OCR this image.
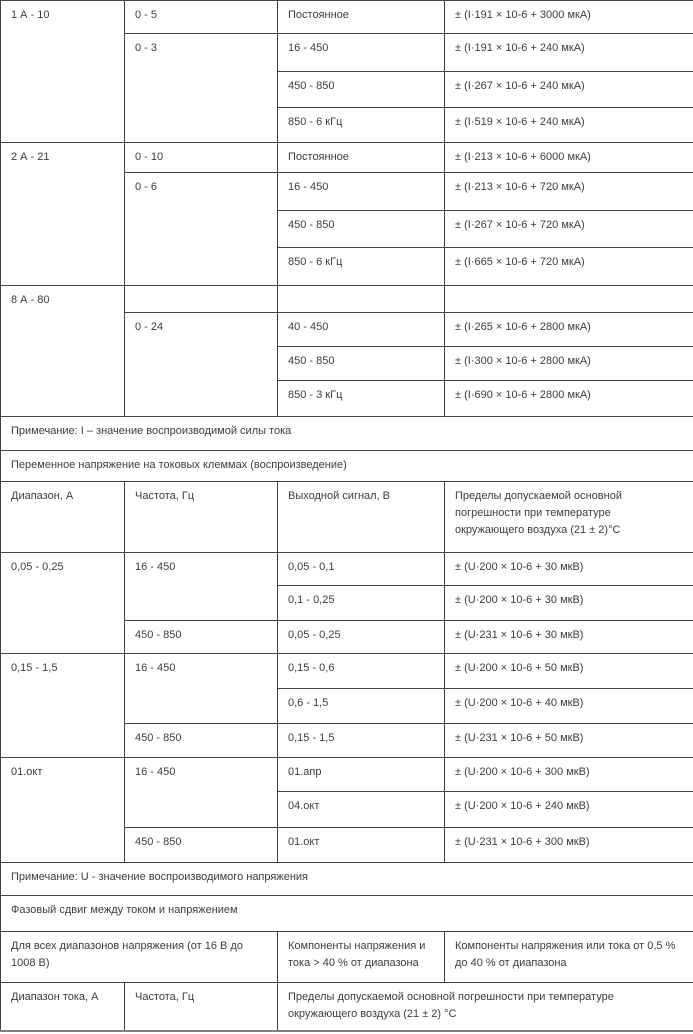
1 А - 10	0 - 5	Постоянное	± (I·191 × 10-6 + 3000 мкА)
	0 - 3	16 - 450	± (I·191 × 10-6 + 240 мкА)
		450 - 850	± (I·267 × 10-6 + 240 мкА)
		850 - 6 кГц	± (I·519 × 10-6 + 240 мкА)
2 А - 21	0 - 10	Постоянное	± (I·213 × 10-6 + 6000 мкА)
	0 - 6	16 - 450	± (I·213 × 10-6 + 720 мкА)
		450 - 850	± (I·267 × 10-6 + 720 мкА)
		850 - 6 кГц	± (I·665 × 10-6 + 720 мкА)
8 А - 80			
	0 - 24	40 - 450	± (I·265 × 10-6 + 2800 мкА)
		450 - 850	± (I·300 × 10-6 + 2800 мкА)
		850 - 3 кГц	± (I·690 × 10-6 + 2800 мкА)
Примечание: I – значение воспроизводимой силы тока			
Переменное напряжение на токовых клеммах (воспроизведение)			
Диапазон, А	Частота, Гц	Выходной сигнал, В	Пределы допускаемой основной погрешности при температуре окружающего воздуха (21 ± 2)°С
0,05 - 0,25	16 - 450	0,05 - 0,1	± (U·200 × 10-6 + 30 мкВ)
		0,1 - 0,25	± (U·200 × 10-6 + 30 мкВ)
	450 - 850	0,05 - 0,25	± (U·231 × 10-6 + 30 мкВ)
0,15 - 1,5	16 - 450	0,15 - 0,6	± (U·200 × 10-6 + 50 мкВ)
		0,6 - 1,5	± (U·200 × 10-6 + 40 мкВ)
	450 - 850	0,15 - 1,5	± (U·231 × 10-6 + 50 мкВ)
01.окт	16 - 450	01.апр	± (U·200 × 10-6 + 300 мкВ)
		04.окт	± (U·200 × 10-6 + 240 мкВ)
	450 - 850	01.окт	± (U·231 × 10-6 + 300 мкВ)
Примечание: U - значение воспроизводимого напряжения			
Фазовый сдвиг между током и напряжением			
Для всех диапазонов напряжения (от 16 В до 1008 В)		Компоненты напряжения и тока > 40 % от диапазона	Компоненты напряжения или тока от 0,5 % до 40 % от диапазона
Диапазон тока, А	Частота, Гц	Пределы допускаемой основной погрешности при температуре окружающего воздуха (21 ± 2) °С	
